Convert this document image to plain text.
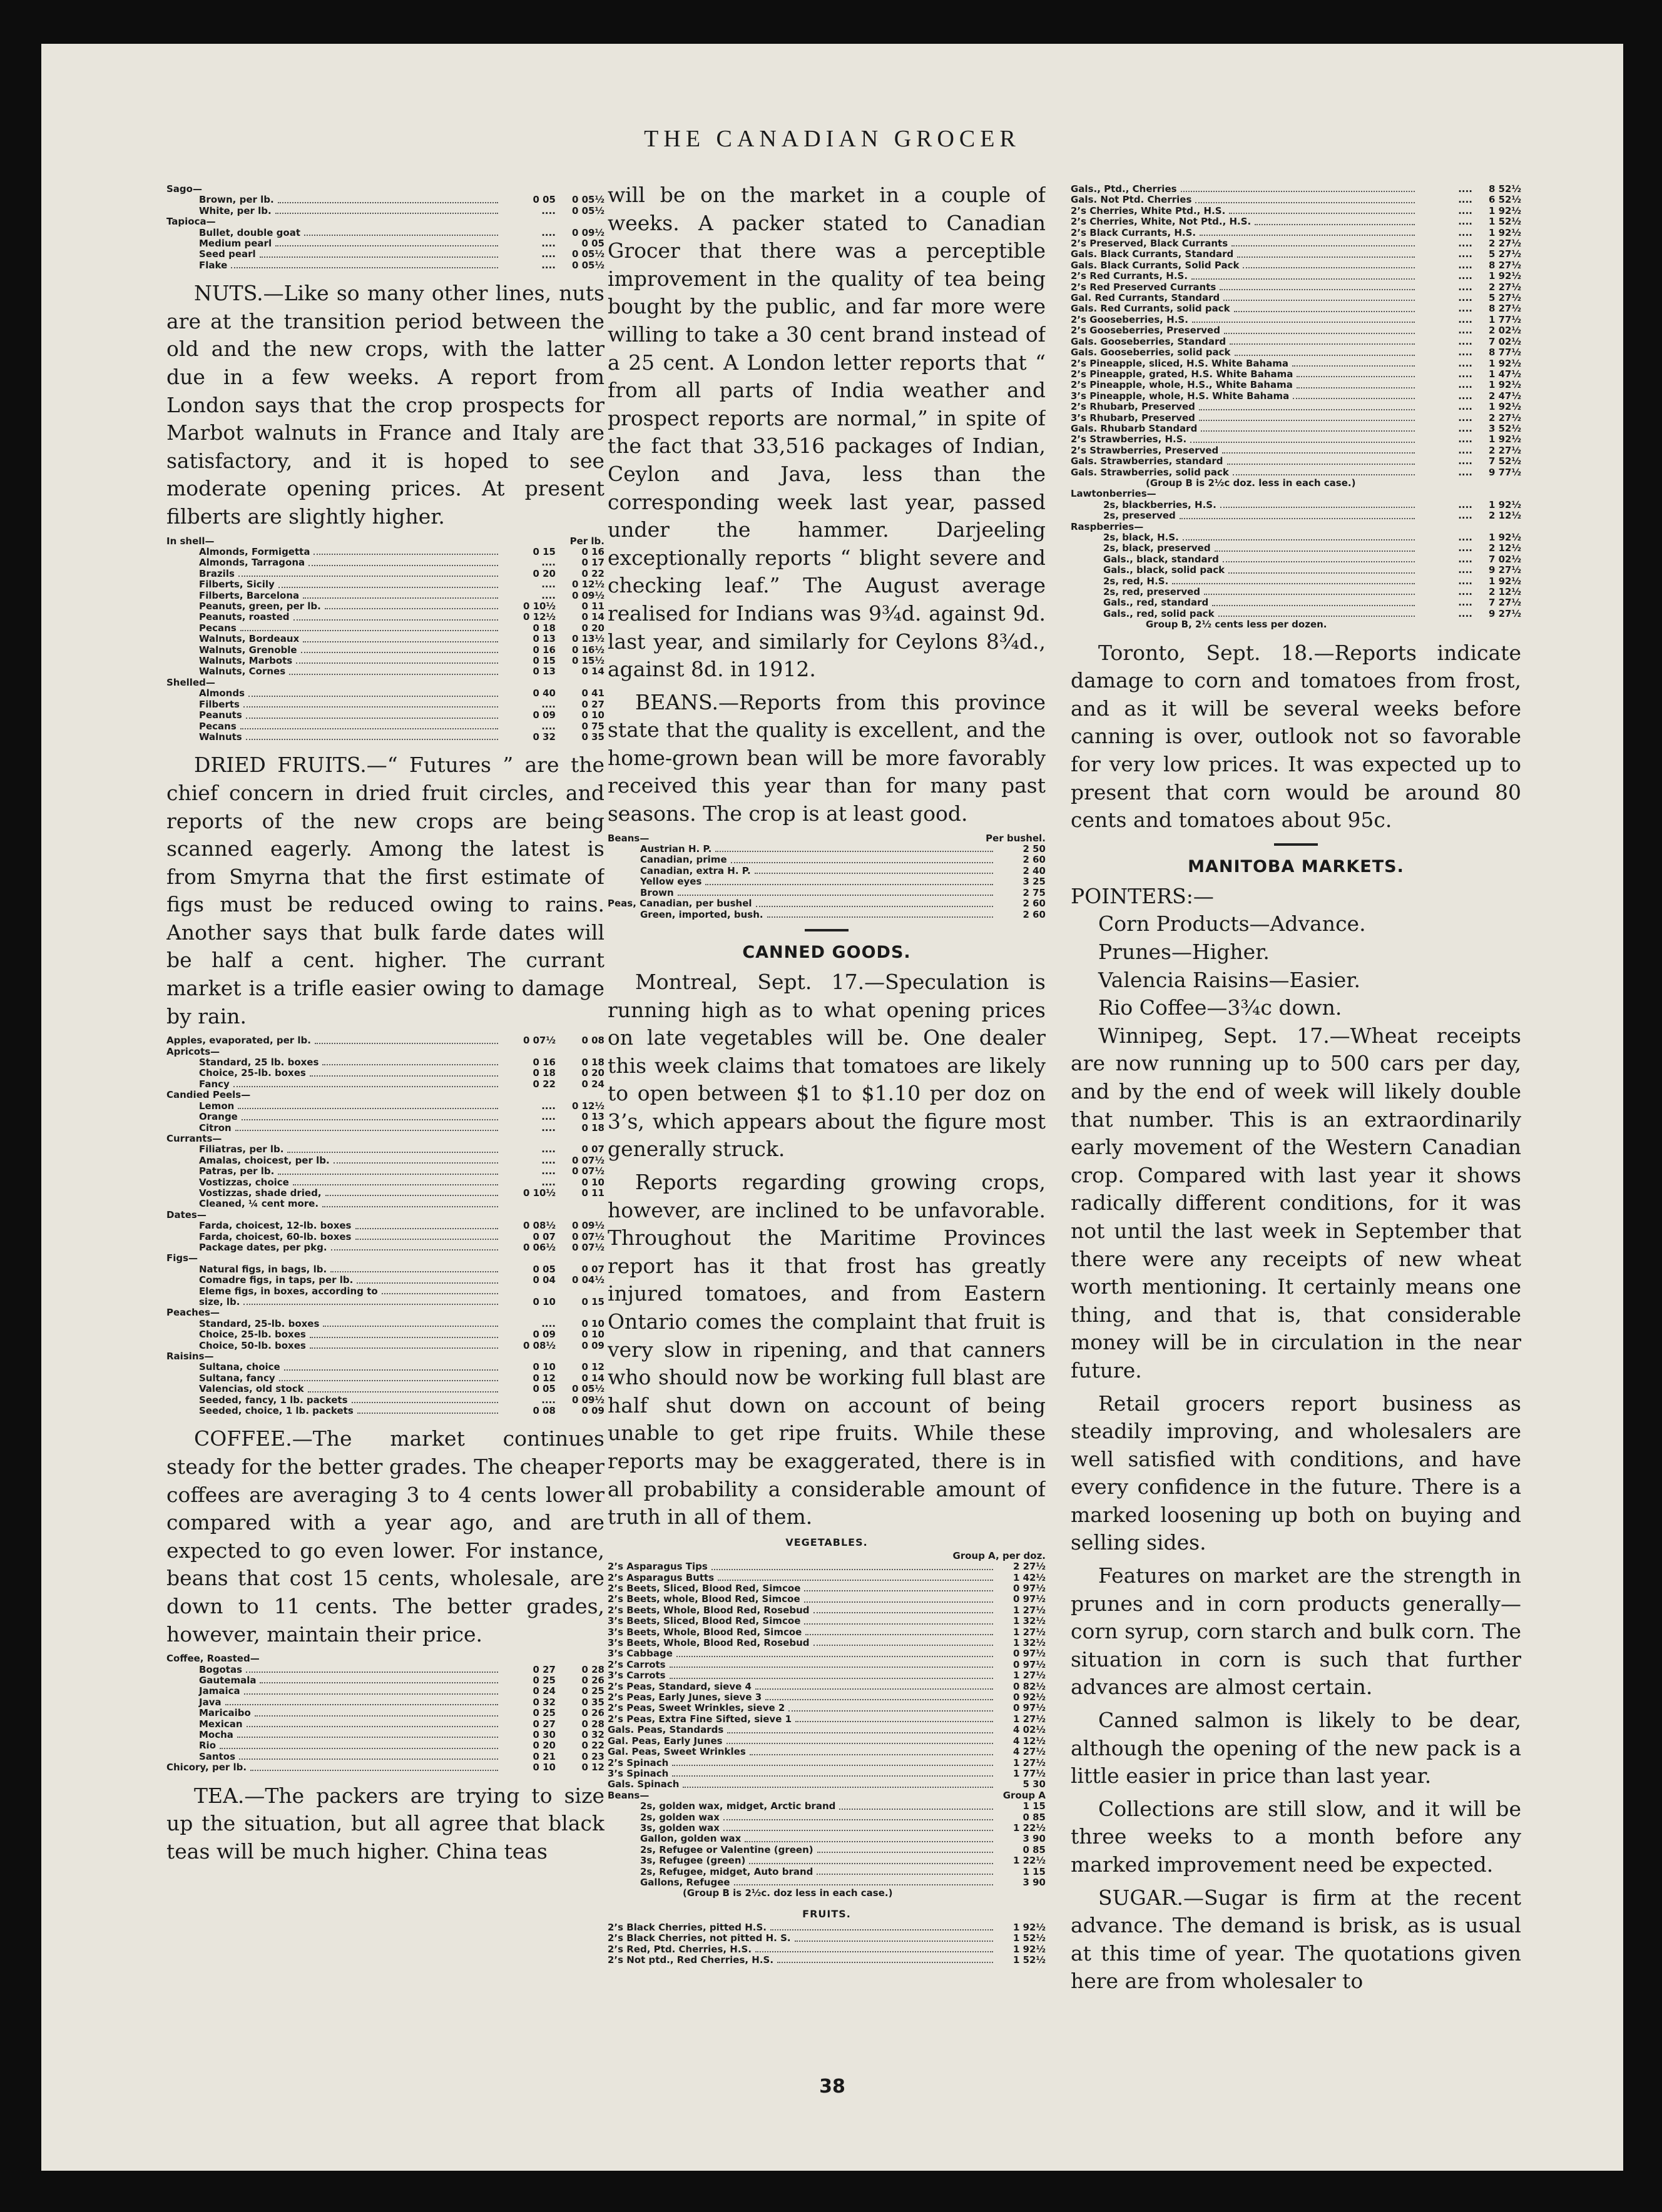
THE CANADIAN GROCER
Sago—
Brown, per lb.	0 05	0 05½
White, per lb.	....	0 05½
Tapioca—
Bullet, double goat	....	0 09½
Medium pearl	....	0 05
Seed pearl	....	0 05½
Flake	....	0 05½

NUTS.—Like so many other lines, nuts are at the transition period between the old and the new crops, with the latter due in a few weeks. A report from London says that the crop prospects for Marbot walnuts in France and Italy are satisfactory, and it is hoped to see moderate opening prices. At present filberts are slightly higher.

In shell—	Per lb.
Almonds, Formigetta	0 15	0 16
Almonds, Tarragona	....	0 17
Brazils	0 20	0 22
Filberts, Sicily	....	0 12½
Filberts, Barcelona	....	0 09½
Peanuts, green, per lb.	0 10½	0 11
Peanuts, roasted	0 12½	0 14
Pecans	0 18	0 20
Walnuts, Bordeaux	0 13	0 13½
Walnuts, Grenoble	0 16	0 16½
Walnuts, Marbots	0 15	0 15½
Walnuts, Cornes	0 13	0 14
Shelled—
Almonds	0 40	0 41
Filberts	....	0 27
Peanuts	0 09	0 10
Pecans	....	0 75
Walnuts	0 32	0 35

DRIED FRUITS.—“ Futures ” are the chief concern in dried fruit circles, and reports of the new crops are being scanned eagerly. Among the latest is from Smyrna that the first estimate of figs must be reduced owing to rains. Another says that bulk farde dates will be half a cent. higher. The currant market is a trifle easier owing to damage by rain.

Apples, evaporated, per lb.	0 07½	0 08
Apricots—
Standard, 25 lb. boxes	0 16	0 18
Choice, 25-lb. boxes	0 18	0 20
Fancy	0 22	0 24
Candied Peels—
Lemon	....	0 12½
Orange	....	0 13
Citron	....	0 18
Currants—
Filiatras, per lb.	....	0 07
Amalas, choicest, per lb.	....	0 07½
Patras, per lb.	....	0 07½
Vostizzas, choice	....	0 10
Vostizzas, shade dried,	0 10½	0 11
Cleaned, ¼ cent more.
Dates—
Farda, choicest, 12-lb. boxes	0 08½	0 09½
Farda, choicest, 60-lb. boxes	0 07	0 07½
Package dates, per pkg.	0 06½	0 07½
Figs—
Natural figs, in bags, lb.	0 05	0 07
Comadre figs, in taps, per lb.	0 04	0 04½
Eleme figs, in boxes, according to
size, lb.	0 10	0 15
Peaches—
Standard, 25-lb. boxes	....	0 10
Choice, 25-lb. boxes	0 09	0 10
Choice, 50-lb. boxes	0 08½	0 09
Raisins—
Sultana, choice	0 10	0 12
Sultana, fancy	0 12	0 14
Valencias, old stock	0 05	0 05½
Seeded, fancy, 1 lb. packets	....	0 09½
Seeded, choice, 1 lb. packets	0 08	0 09

COFFEE.—The market continues steady for the better grades. The cheaper coffees are averaging 3 to 4 cents lower compared with a year ago, and are expected to go even lower. For instance, beans that cost 15 cents, wholesale, are down to 11 cents. The better grades, however, maintain their price.

Coffee, Roasted—
Bogotas	0 27	0 28
Gautemala	0 25	0 26
Jamaica	0 24	0 25
Java	0 32	0 35
Maricaibo	0 25	0 26
Mexican	0 27	0 28
Mocha	0 30	0 32
Rio	0 20	0 22
Santos	0 21	0 23
Chicory, per lb.	0 10	0 12

TEA.—The packers are trying to size up the situation, but all agree that black teas will be much higher. China teas

will be on the market in a couple of weeks. A packer stated to Canadian Grocer that there was a perceptible improvement in the quality of tea being bought by the public, and far more were willing to take a 30 cent brand instead of a 25 cent. A London letter reports that “ from all parts of India weather and prospect reports are normal,” in spite of the fact that 33,516 packages of Indian, Ceylon and Java, less than the corresponding week last year, passed under the hammer. Darjeeling exceptionally reports “ blight severe and checking leaf.” The August average realised for Indians was 9¾d. against 9d. last year, and similarly for Ceylons 8¾d., against 8d. in 1912.

BEANS.—Reports from this province state that the quality is excellent, and the home-grown bean will be more favorably received this year than for many past seasons. The crop is at least good.

Beans—	Per bushel.
Austrian H. P.	2 50
Canadian, prime	2 60
Canadian, extra H. P.	2 40
Yellow eyes	3 25
Brown	2 75
Peas, Canadian, per bushel	2 60
Green, imported, bush.	2 60
CANNED GOODS.

Montreal, Sept. 17.—Speculation is running high as to what opening prices on late vegetables will be. One dealer this week claims that tomatoes are likely to open between $1 to $1.10 per doz on 3’s, which appears about the figure most generally struck.

Reports regarding growing crops, however, are inclined to be unfavorable. Throughout the Maritime Provinces report has it that frost has greatly injured tomatoes, and from Eastern Ontario comes the complaint that fruit is very slow in ripening, and that canners who should now be working full blast are half shut down on account of being unable to get ripe fruits. While these reports may be exaggerated, there is in all probability a considerable amount of truth in all of them.

VEGETABLES.
Group A, per doz.
2’s Asparagus Tips	2 27½
2’s Asparagus Butts	1 42½
2’s Beets, Sliced, Blood Red, Simcoe	0 97½
2’s Beets, whole, Blood Red, Simcoe	0 97½
2’s Beets, Whole, Blood Red, Rosebud	1 27½
3’s Beets, Sliced, Blood Red, Simcoe	1 32½
3’s Beets, Whole, Blood Red, Simcoe	1 27½
3’s Beets, Whole, Blood Red, Rosebud	1 32½
3’s Cabbage	0 97½
2’s Carrots	0 97½
3’s Carrots	1 27½
2’s Peas, Standard, sieve 4	0 82½
2’s Peas, Early Junes, sieve 3	0 92½
2’s Peas, Sweet Wrinkles, sieve 2	0 97½
2’s Peas, Extra Fine Sifted, sieve 1	1 27½
Gals. Peas, Standards	4 02½
Gal. Peas, Early Junes	4 12½
Gal. Peas, Sweet Wrinkles	4 27½
2’s Spinach	1 27½
3’s Spinach	1 77½
Gals. Spinach	5 30
Beans—	Group A
2s, golden wax, midget, Arctic brand	1 15
2s, golden wax	0 85
3s, golden wax	1 22½
Gallon, golden wax	3 90
2s, Refugee or Valentine (green)	0 85
3s, Refugee (green)	1 22½
2s, Refugee, midget, Auto brand	1 15
Gallons, Refugee	3 90
(Group B is 2½c. doz less in each case.)
FRUITS.
2’s Black Cherries, pitted H.S.	1 92½
2’s Black Cherries, not pitted H. S.	1 52½
2’s Red, Ptd. Cherries, H.S.	1 92½
2’s Not ptd., Red Cherries, H.S.	1 52½
Gals., Ptd., Cherries	....	8 52½
Gals. Not Ptd. Cherries	....	6 52½
2’s Cherries, White Ptd., H.S.	....	1 92½
2’s Cherries, White, Not Ptd., H.S.	....	1 52½
2’s Black Currants, H.S.	....	1 92½
2’s Preserved, Black Currants	....	2 27½
Gals. Black Currants, Standard	....	5 27½
Gals. Black Currants, Solid Pack	....	8 27½
2’s Red Currants, H.S.	....	1 92½
2’s Red Preserved Currants	....	2 27½
Gal. Red Currants, Standard	....	5 27½
Gals. Red Currants, solid pack	....	8 27½
2’s Gooseberries, H.S.	....	1 77½
2’s Gooseberries, Preserved	....	2 02½
Gals. Gooseberries, Standard	....	7 02½
Gals. Gooseberries, solid pack	....	8 77½
2’s Pineapple, sliced, H.S. White Bahama	....	1 92½
2’s Pineapple, grated, H.S. White Bahama	....	1 47½
2’s Pineapple, whole, H.S., White Bahama	....	1 92½
3’s Pineapple, whole, H.S. White Bahama	....	2 47½
2’s Rhubarb, Preserved	....	1 92½
3’s Rhubarb, Preserved	....	2 27½
Gals. Rhubarb Standard	....	3 52½
2’s Strawberries, H.S.	....	1 92½
2’s Strawberries, Preserved	....	2 27½
Gals. Strawberries, standard	....	7 52½
Gals. Strawberries, solid pack	....	9 77½
(Group B is 2½c doz. less in each case.)
Lawtonberries—
2s, blackberries, H.S.	....	1 92½
2s, preserved	....	2 12½
Raspberries—
2s, black, H.S.	....	1 92½
2s, black, preserved	....	2 12½
Gals., black, standard	....	7 02½
Gals., black, solid pack	....	9 27½
2s, red, H.S.	....	1 92½
2s, red, preserved	....	2 12½
Gals., red, standard	....	7 27½
Gals., red, solid pack	....	9 27½
Group B, 2½ cents less per dozen.

Toronto, Sept. 18.—Reports indicate damage to corn and tomatoes from frost, and as it will be several weeks before canning is over, outlook not so favorable for very low prices. It was expected up to present that corn would be around 80 cents and tomatoes about 95c.

MANITOBA MARKETS.
POINTERS:—
Corn Products—Advance.
Prunes—Higher.
Valencia Raisins—Easier.
Rio Coffee—3¾c down.

Winnipeg, Sept. 17.—Wheat receipts are now running up to 500 cars per day, and by the end of week will likely double that number. This is an extraordinarily early movement of the Western Canadian crop. Compared with last year it shows radically different conditions, for it was not until the last week in September that there were any receipts of new wheat worth mentioning. It certainly means one thing, and that is, that considerable money will be in circulation in the near future.

Retail grocers report business as steadily improving, and wholesalers are well satisfied with conditions, and have every confidence in the future. There is a marked loosening up both on buying and selling sides.

Features on market are the strength in prunes and in corn products generally—corn syrup, corn starch and bulk corn. The situation in corn is such that further advances are almost certain.

Canned salmon is likely to be dear, although the opening of the new pack is a little easier in price than last year.

Collections are still slow, and it will be three weeks to a month before any marked improvement need be expected.

SUGAR.—Sugar is firm at the recent advance. The demand is brisk, as is usual at this time of year. The quotations given here are from wholesaler to

38
